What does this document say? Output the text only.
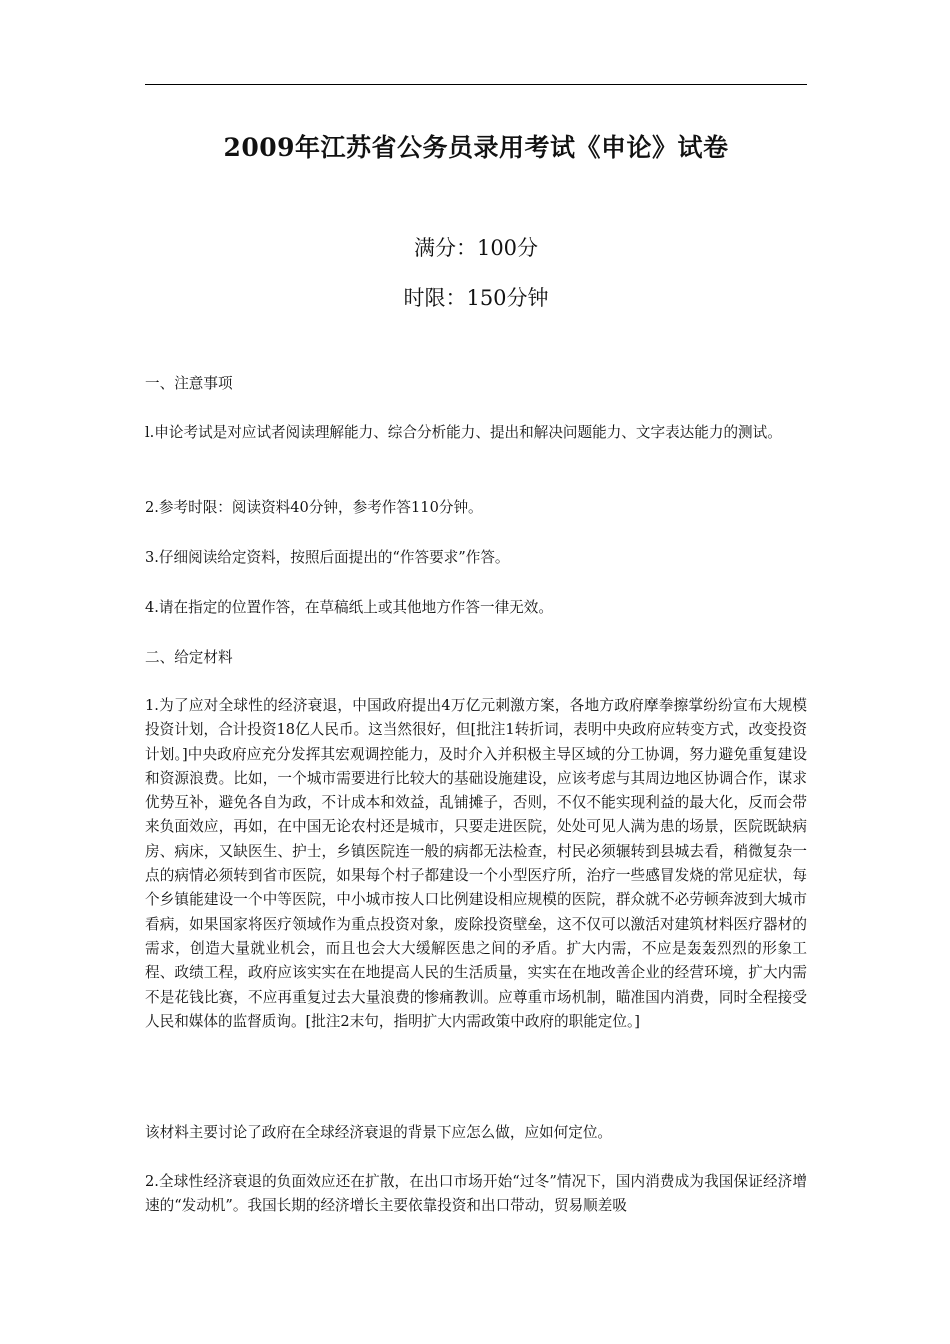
2009年江苏省公务员录用考试《申论》试卷
满分：100分
时限：150分钟

一、注意事项

l.申论考试是对应试者阅读理解能力、综合分析能力、提出和解决问题能力、文字表达能力的测试。

2.参考时限：阅读资料40分钟，参考作答110分钟。

3.仔细阅读给定资料，按照后面提出的“作答要求”作答。

4.请在指定的位置作答，在草稿纸上或其他地方作答一律无效。

二、给定材料

1.为了应对全球性的经济衰退，中国政府提出4万亿元刺激方案，各地方政府摩拳擦掌纷纷宣布大规模投资计划，合计投资18亿人民币。这当然很好，但[批注1转折词，表明中央政府应转变方式，改变投资计划。]中央政府应充分发挥其宏观调控能力，及时介入并积极主导区域的分工协调，努力避免重复建设和资源浪费。比如，一个城市需要进行比较大的基础设施建设，应该考虑与其周边地区协调合作，谋求优势互补，避免各自为政，不计成本和效益，乱铺摊子，否则，不仅不能实现利益的最大化，反而会带来负面效应，再如，在中国无论农村还是城市，只要走进医院，处处可见人满为患的场景，医院既缺病房、病床，又缺医生、护士，乡镇医院连一般的病都无法检查，村民必须辗转到县城去看，稍微复杂一点的病情必须转到省市医院，如果每个村子都建设一个小型医疗所，治疗一些感冒发烧的常见症状，每个乡镇能建设一个中等医院，中小城市按人口比例建设相应规模的医院，群众就不必劳顿奔波到大城市看病，如果国家将医疗领域作为重点投资对象，废除投资壁垒，这不仅可以激活对建筑材料医疗器材的需求，创造大量就业机会，而且也会大大缓解医患之间的矛盾。扩大内需，不应是轰轰烈烈的形象工程、政绩工程，政府应该实实在在地提高人民的生活质量，实实在在地改善企业的经营环境，扩大内需不是花钱比赛，不应再重复过去大量浪费的惨痛教训。应尊重市场机制，瞄准国内消费，同时全程接受人民和媒体的监督质询。[批注2末句，指明扩大内需政策中政府的职能定位。]

该材料主要讨论了政府在全球经济衰退的背景下应怎么做，应如何定位。

2.全球性经济衰退的负面效应还在扩散，在出口市场开始“过冬”情况下，国内消费成为我国保证经济增速的“发动机”。我国长期的经济增长主要依靠投资和出口带动，贸易顺差吸
